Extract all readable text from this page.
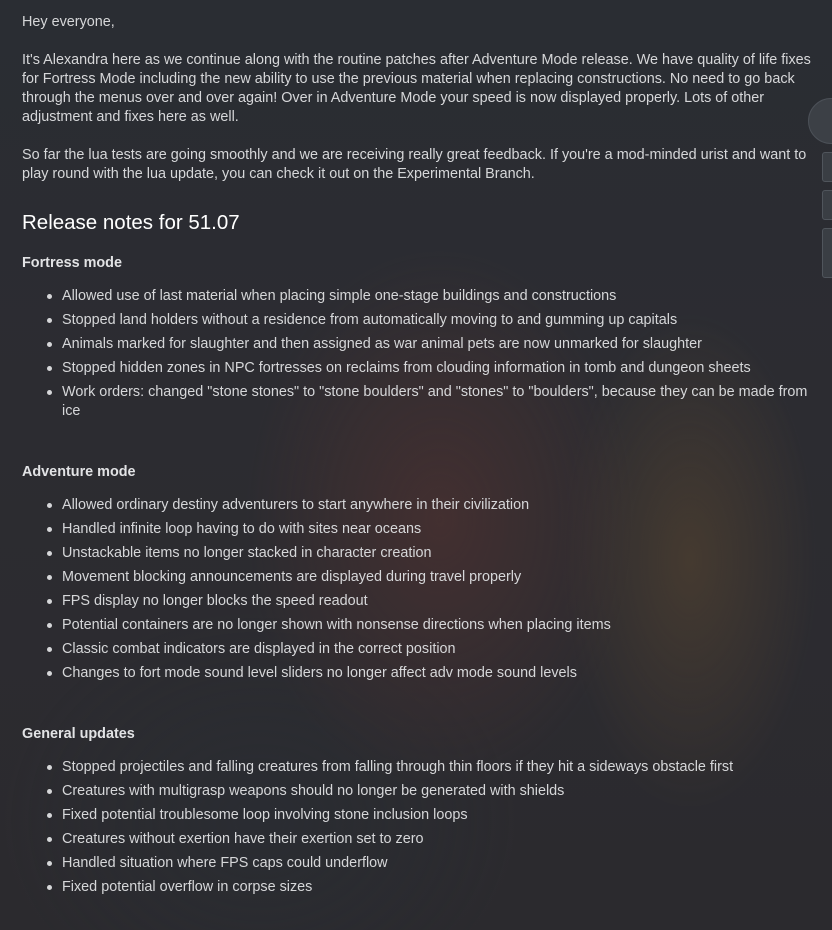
Hey everyone,

It's Alexandra here as we continue along with the routine patches after Adventure Mode release. We have quality of life fixes for Fortress Mode including the new ability to use the previous material when replacing constructions. No need to go back through the menus over and over again! Over in Adventure Mode your speed is now displayed properly. Lots of other adjustment and fixes here as well.

So far the lua tests are going smoothly and we are receiving really great feedback. If you're a mod-minded urist and want to play round with the lua update, you can check it out on the Experimental Branch.

Release notes for 51.07
Fortress mode
Allowed use of last material when placing simple one-stage buildings and constructions
Stopped land holders without a residence from automatically moving to and gumming up capitals
Animals marked for slaughter and then assigned as war animal pets are now unmarked for slaughter
Stopped hidden zones in NPC fortresses on reclaims from clouding information in tomb and dungeon sheets
Work orders: changed "stone stones" to "stone boulders" and "stones" to "boulders", because they can be made from ice
Adventure mode
Allowed ordinary destiny adventurers to start anywhere in their civilization
Handled infinite loop having to do with sites near oceans
Unstackable items no longer stacked in character creation
Movement blocking announcements are displayed during travel properly
FPS display no longer blocks the speed readout
Potential containers are no longer shown with nonsense directions when placing items
Classic combat indicators are displayed in the correct position
Changes to fort mode sound level sliders no longer affect adv mode sound levels
General updates
Stopped projectiles and falling creatures from falling through thin floors if they hit a sideways obstacle first
Creatures with multigrasp weapons should no longer be generated with shields
Fixed potential troublesome loop involving stone inclusion loops
Creatures without exertion have their exertion set to zero
Handled situation where FPS caps could underflow
Fixed potential overflow in corpse sizes
